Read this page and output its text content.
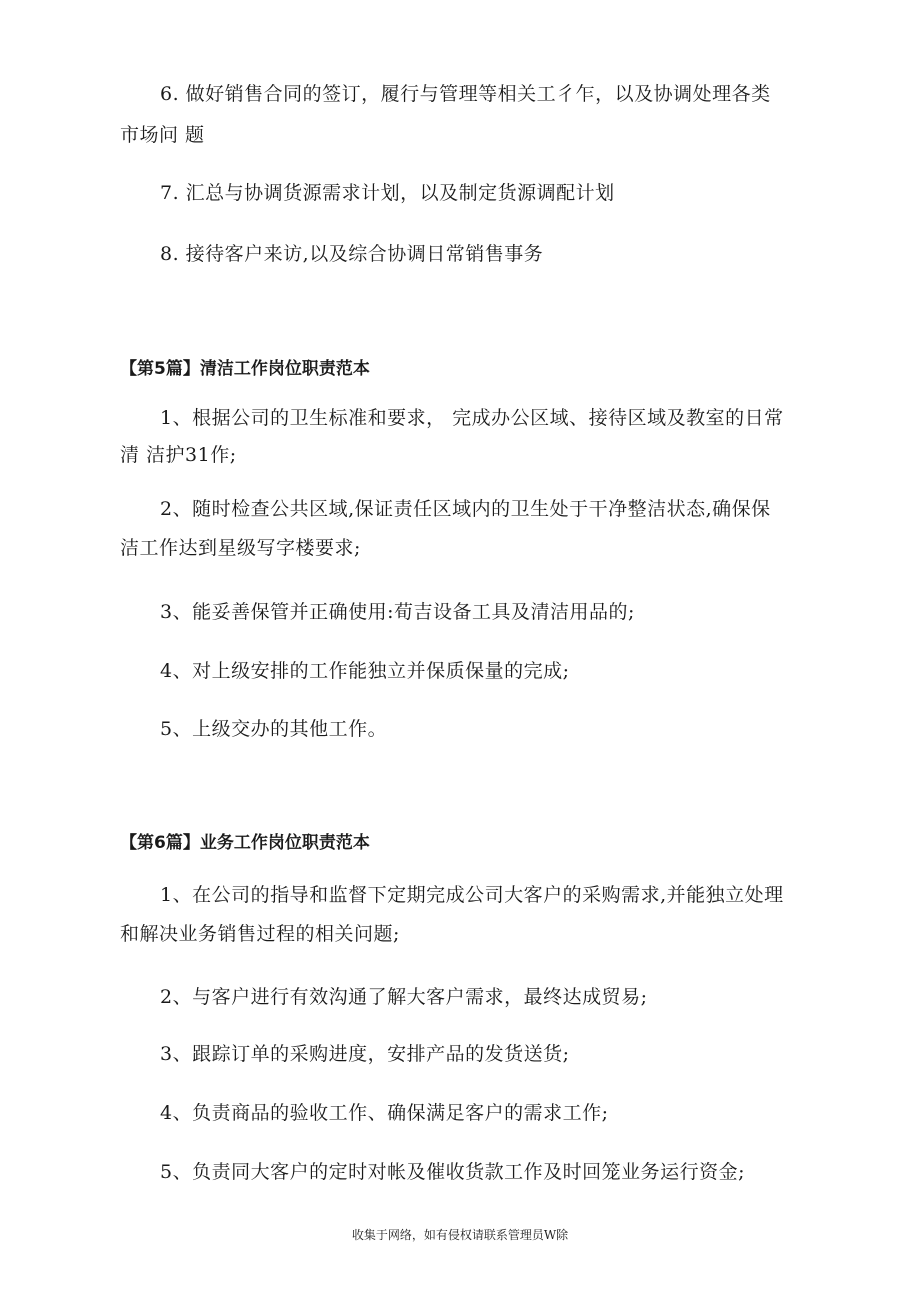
6. 做好销售合同的签订，履行与管理等相关工彳乍，以及协调处理各类
市场问 题
7. 汇总与协调货源需求计划，以及制定货源调配计划
8. 接待客户来访,以及综合协调日常销售事务
【第5篇】清洁工作岗位职责范本
1、根据公司的卫生标准和要求， 完成办公区域、接待区域及教室的日常
清 洁护31作;
2、随时检查公共区域,保证责任区域内的卫生处于干净整洁状态,确保保
洁工作达到星级写字楼要求;
3、能妥善保管并正确使用:荀吉设备工具及清洁用品的;
4、对上级安排的工作能独立并保质保量的完成;
5、上级交办的其他工作。
【第6篇】业务工作岗位职责范本
1、在公司的指导和监督下定期完成公司大客户的采购需求,并能独立处理
和解决业务销售过程的相关问题;
2、与客户进行有效沟通了解大客户需求，最终达成贸易;
3、跟踪订单的采购进度，安排产品的发货送货;
4、负责商品的验收工作、确保满足客户的需求工作;
5、负责同大客户的定时对帐及催收货款工作及时回笼业务运行资金;
收集于网络，如有侵权请联系管理员W除
